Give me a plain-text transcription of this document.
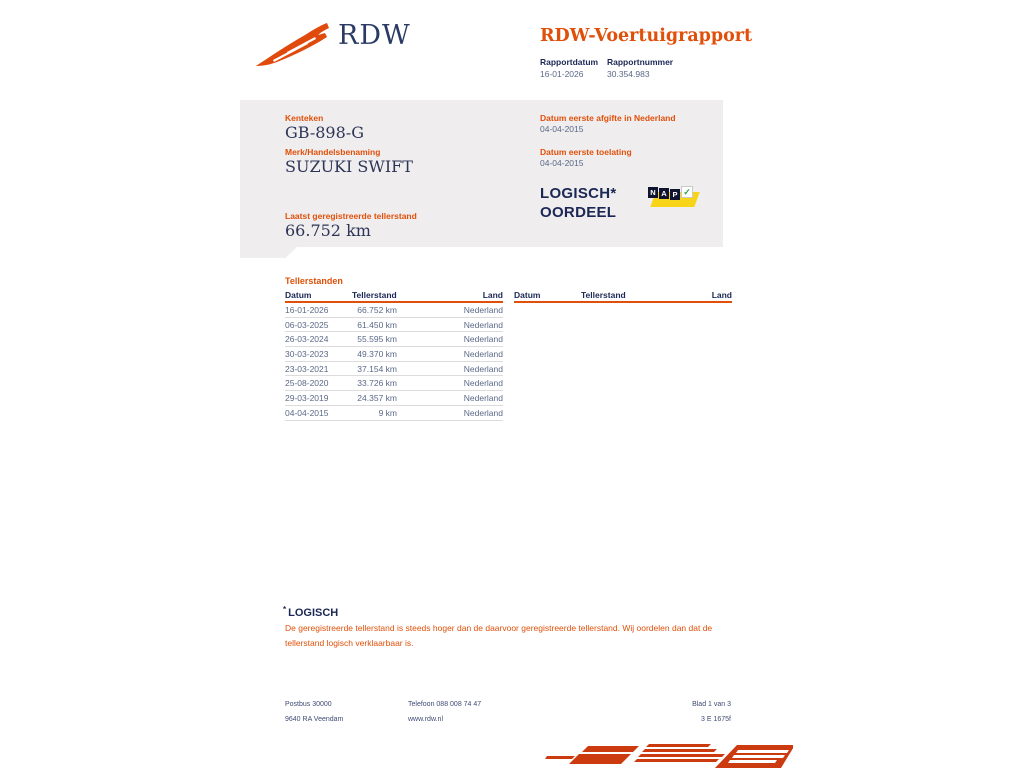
RDW	RDW-Voertuigrapport
Rapportdatum Rapportnummer
16-01-2026	30.354.983
Kenteken
GB-898-G
Merk/Handelsbenaming
SUZUKI SWIFT
Laatst geregistreerde tellerstand
66.752 km
Datum eerste afgifte in Nederland
04-04-2015
Datum eerste toelating
04-04-2015
LOGISCH*
OORDEEL
N A P ✓
Tellerstanden
Datum	Tellerstand	Land
16-01-2026	66.752 km	Nederland
06-03-2025	61.450 km	Nederland
26-03-2024	55.595 km	Nederland
30-03-2023	49.370 km	Nederland
23-03-2021	37.154 km	Nederland
25-08-2020	33.726 km	Nederland
29-03-2019	24.357 km	Nederland
04-04-2015	9 km	Nederland
Datum	Tellerstand	Land
* LOGISCH
De geregistreerde tellerstand is steeds hoger dan de daarvoor geregistreerde tellerstand. Wij oordelen dan dat de tellerstand logisch verklaarbaar is.
Postbus 30000
9640 RA Veendam
Telefoon 088 008 74 47
www.rdw.nl
Blad 1 van 3
3 E 1675f
